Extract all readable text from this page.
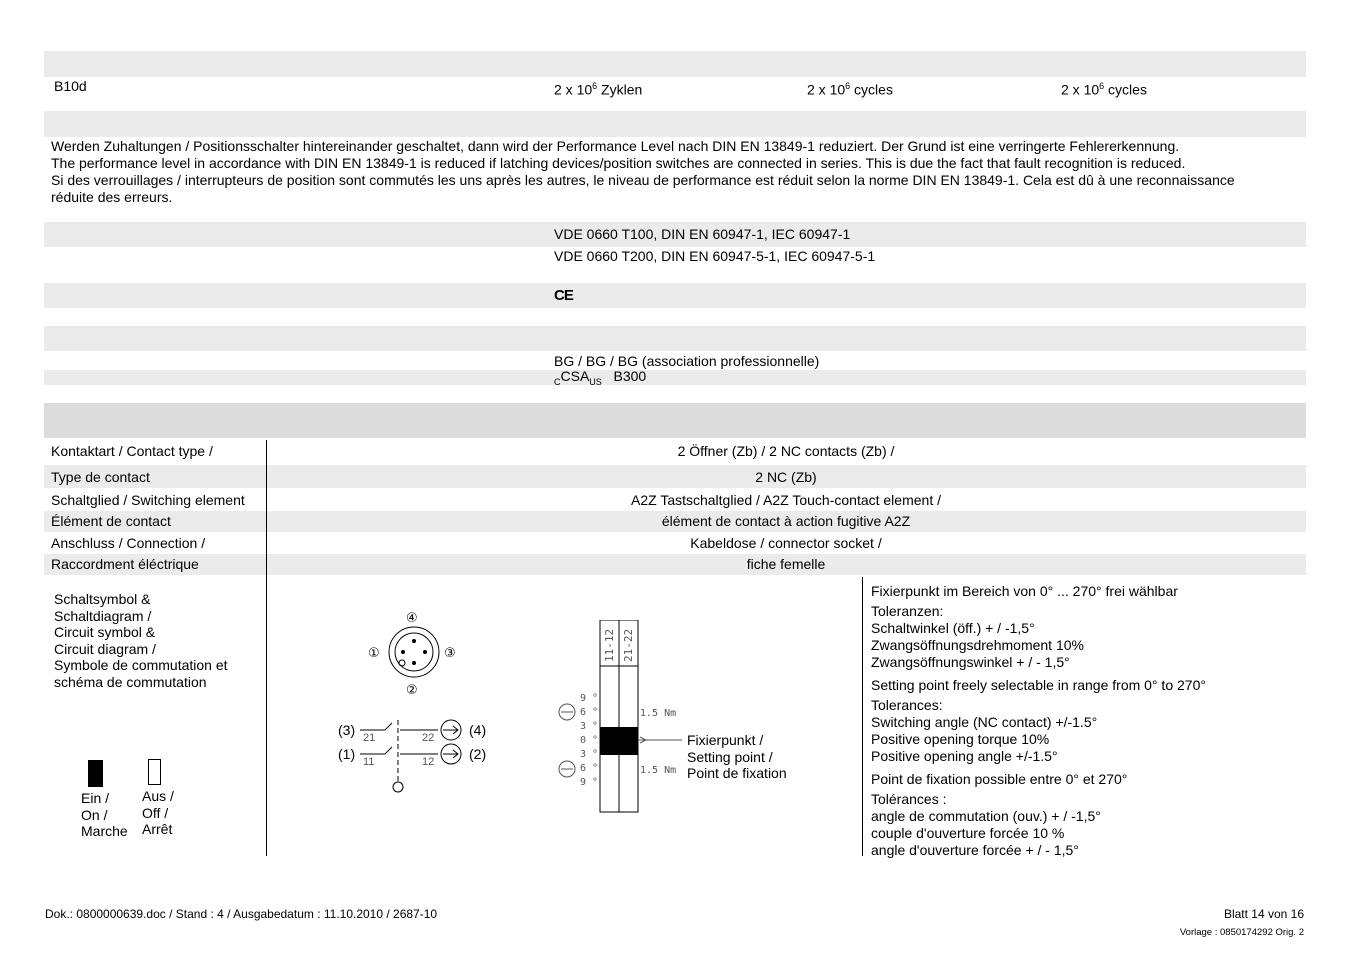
B10d	2 x $10^6$ Zyklen	2 x $10^6$ cycles	2 x $10^6$ cycles
Werden Zuhaltungen / Positionsschalter hintereinander geschaltet, dann wird der Performance Level nach DIN EN 13849-1 reduziert. Der Grund ist eine verringerte Fehlererkennung.
The performance level in accordance with DIN EN 13849-1 is reduced if latching devices/position switches are connected in series. This is due the fact that fault recognition is reduced.
Si des verrouillages / interrupteurs de position sont commutés les uns après les autres, le niveau de performance est réduit selon la norme DIN EN 13849-1. Cela est dû à une reconnaissance
réduite des erreurs.
VDE 0660 T100, DIN EN 60947-1, IEC 60947-1
VDE 0660 T200, DIN EN 60947-5-1, IEC 60947-5-1
CE
BG / BG / BG (association professionnelle)
$_CCSA_{US}$ B300
Kontaktart / Contact type /	2 Öffner (Zb) / 2 NC contacts (Zb) /
Type de contact	2 NC (Zb)
Schaltglied / Switching element	A2Z Tastschaltglied / A2Z Touch-contact element /
Élément de contact	élément de contact à action fugitive A2Z
Anschluss / Connection /	Kabeldose / connector socket /
Raccordment éléctrique	fiche femelle
Schaltsymbol &
Schaltdiagram /
Circuit symbol &
Circuit diagram /
Symbole de commutation et
schéma de commutation
Ein /
On /
Marche
Aus /
Off /
Arrêt
④
①	③
②
(3)
(1)
(4)
(2)
21	22
11	12
11-12 21-22
9 °
6 °
3 °
0 °
3 °
6 °
9 °
1.5 Nm
1.5 Nm
Fixierpunkt /
Setting point /
Point de fixation
Fixierpunkt im Bereich von 0° ... 270° frei wählbar
Toleranzen:
Schaltwinkel (öff.) + / -1,5°
Zwangsöffnungsdrehmoment 10%
Zwangsöffnungswinkel + / - 1,5°
Setting point freely selectable in range from 0° to 270°
Tolerances:
Switching angle (NC contact) +/-1.5°
Positive opening torque 10%
Positive opening angle +/-1.5°
Point de fixation possible entre 0° et 270°
Tolérances :
angle de commutation (ouv.) + / -1,5°
couple d'ouverture forcée 10 %
angle d'ouverture forcée + / - 1,5°
Dok.: 0800000639.doc / Stand : 4 / Ausgabedatum : 11.10.2010 / 2687-10	Blatt 14 von 16
Vorlage : 0850174292 Orig. 2
